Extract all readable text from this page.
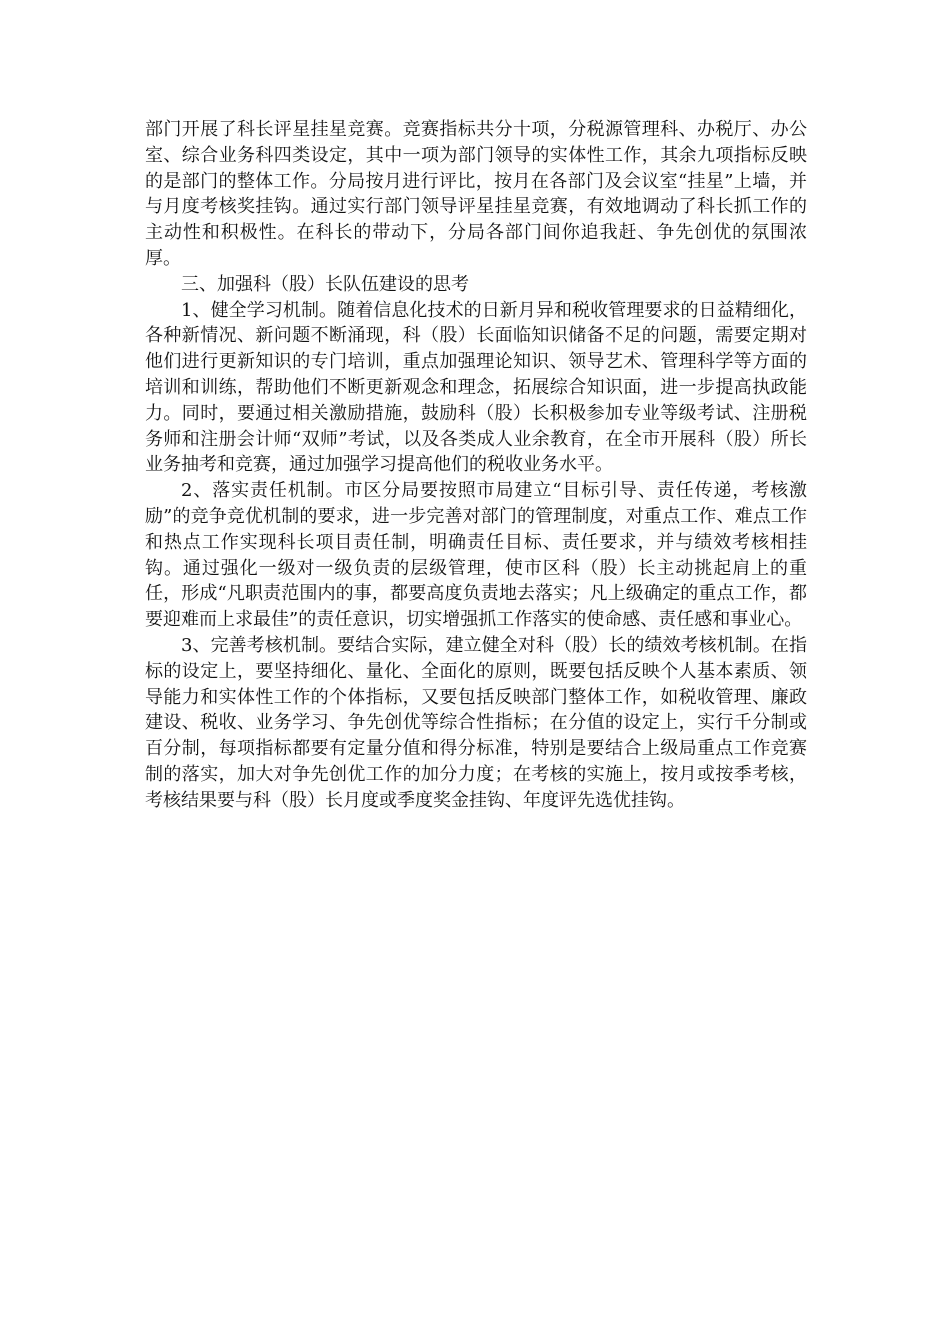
部门开展了科长评星挂星竞赛。竞赛指标共分十项，分税源管理科、办税厅、办公室、综合业务科四类设定，其中一项为部门领导的实体性工作，其余九项指标反映的是部门的整体工作。分局按月进行评比，按月在各部门及会议室“挂星”上墙，并与月度考核奖挂钩。通过实行部门领导评星挂星竞赛，有效地调动了科长抓工作的主动性和积极性。在科长的带动下，分局各部门间你追我赶、争先创优的氛围浓厚。

三、加强科（股）长队伍建设的思考

1、健全学习机制。随着信息化技术的日新月异和税收管理要求的日益精细化，各种新情况、新问题不断涌现，科（股）长面临知识储备不足的问题，需要定期对他们进行更新知识的专门培训，重点加强理论知识、领导艺术、管理科学等方面的培训和训练，帮助他们不断更新观念和理念，拓展综合知识面，进一步提高执政能力。同时，要通过相关激励措施，鼓励科（股）长积极参加专业等级考试、注册税务师和注册会计师“双师”考试，以及各类成人业余教育，在全市开展科（股）所长业务抽考和竞赛，通过加强学习提高他们的税收业务水平。

2、落实责任机制。市区分局要按照市局建立“目标引导、责任传递，考核激励”的竞争竞优机制的要求，进一步完善对部门的管理制度，对重点工作、难点工作和热点工作实现科长项目责任制，明确责任目标、责任要求，并与绩效考核相挂钩。通过强化一级对一级负责的层级管理，使市区科（股）长主动挑起肩上的重任，形成“凡职责范围内的事，都要高度负责地去落实；凡上级确定的重点工作，都要迎难而上求最佳”的责任意识，切实增强抓工作落实的使命感、责任感和事业心。

3、完善考核机制。要结合实际，建立健全对科（股）长的绩效考核机制。在指标的设定上，要坚持细化、量化、全面化的原则，既要包括反映个人基本素质、领导能力和实体性工作的个体指标，又要包括反映部门整体工作，如税收管理、廉政建设、税收、业务学习、争先创优等综合性指标；在分值的设定上，实行千分制或百分制，每项指标都要有定量分值和得分标准，特别是要结合上级局重点工作竞赛制的落实，加大对争先创优工作的加分力度；在考核的实施上，按月或按季考核，考核结果要与科（股）长月度或季度奖金挂钩、年度评先选优挂钩。
